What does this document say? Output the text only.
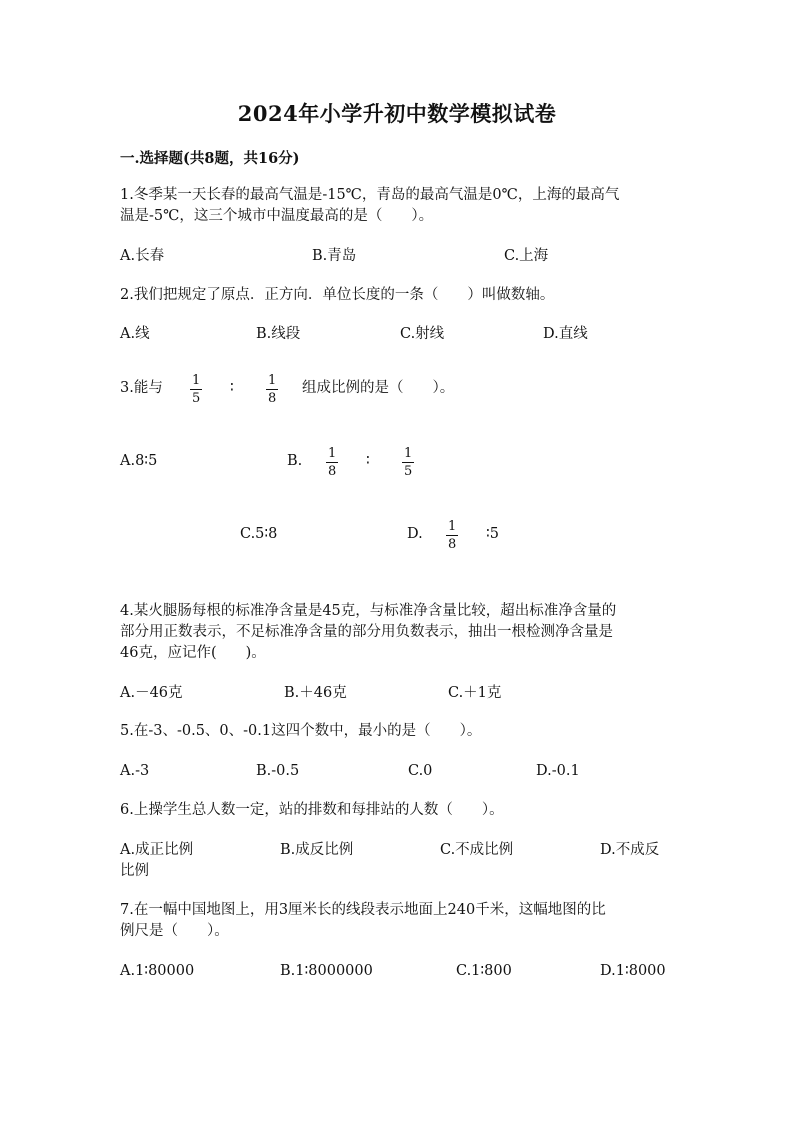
2024年小学升初中数学模拟试卷
一.选择题(共8题，共16分)
1.冬季某一天长春的最高气温是-15℃，青岛的最高气温是0℃，上海的最高气
温是-5℃，这三个城市中温度最高的是（　　）。
A.长春	B.青岛	C.上海
2.我们把规定了原点．正方向．单位长度的一条（　　）叫做数轴。
A.线	B.线段	C.射线	D.直线
3.能与 $\frac{1}{5}$ ∶ $\frac{1}{8}$ 组成比例的是（　　）。
A.8∶5	B. $\frac{1}{8}$ ∶ $\frac{1}{5}$
C.5∶8	D. $\frac{1}{8}$ ∶5
4.某火腿肠每根的标准净含量是45克，与标准净含量比较，超出标准净含量的
部分用正数表示，不足标准净含量的部分用负数表示，抽出一根检测净含量是
46克，应记作(　　)。
A.－46克	B.＋46克	C.＋1克
5.在-3、-0.5、0、-0.1这四个数中，最小的是（　　）。
A.-3	B.-0.5	C.0	D.-0.1
6.上操学生总人数一定，站的排数和每排站的人数（　　）。
A.成正比例	B.成反比例	C.不成比例	D.不成反
比例
7.在一幅中国地图上，用3厘米长的线段表示地面上240千米，这幅地图的比
例尺是（　　）。
A.1∶80000	B.1∶8000000	C.1∶800	D.1∶8000
